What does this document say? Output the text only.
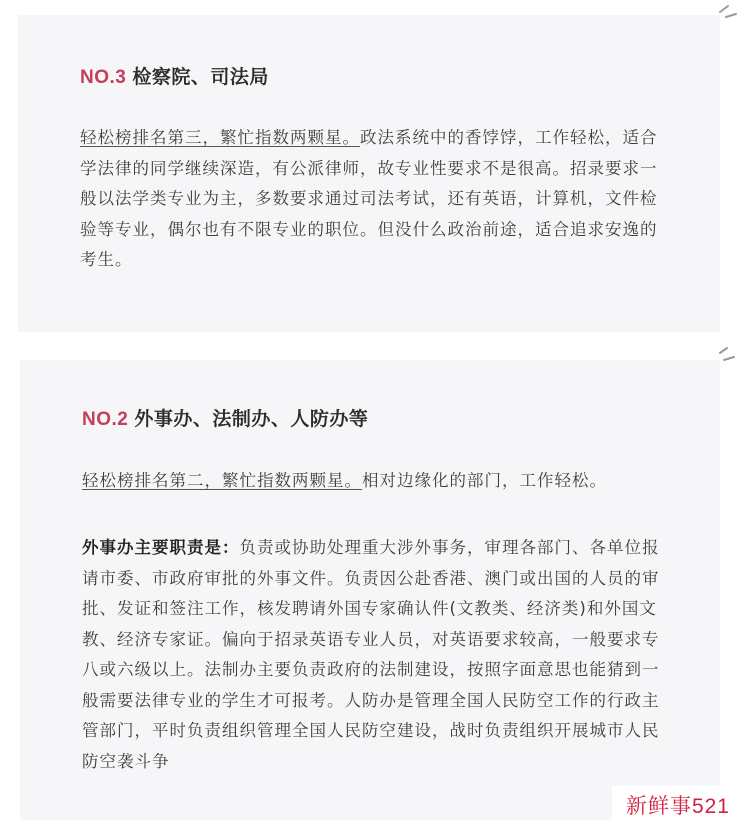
NO.3 检察院、司法局

轻松榜排名第三，繁忙指数两颗星。政法系统中的香饽饽，工作轻松，适合学法律的同学继续深造，有公派律师，故专业性要求不是很高。招录要求一般以法学类专业为主，多数要求通过司法考试，还有英语，计算机，文件检验等专业，偶尔也有不限专业的职位。但没什么政治前途，适合追求安逸的考生。

NO.2 外事办、法制办、人防办等

轻松榜排名第二，繁忙指数两颗星。相对边缘化的部门，工作轻松。

外事办主要职责是：负责或协助处理重大涉外事务，审理各部门、各单位报请市委、市政府审批的外事文件。负责因公赴香港、澳门或出国的人员的审批、发证和签注工作，核发聘请外国专家确认件(文教类、经济类)和外国文教、经济专家证。偏向于招录英语专业人员，对英语要求较高，一般要求专八或六级以上。法制办主要负责政府的法制建设，按照字面意思也能猜到一般需要法律专业的学生才可报考。人防办是管理全国人民防空工作的行政主管部门，平时负责组织管理全国人民防空建设，战时负责组织开展城市人民防空袭斗争

新鲜事521
